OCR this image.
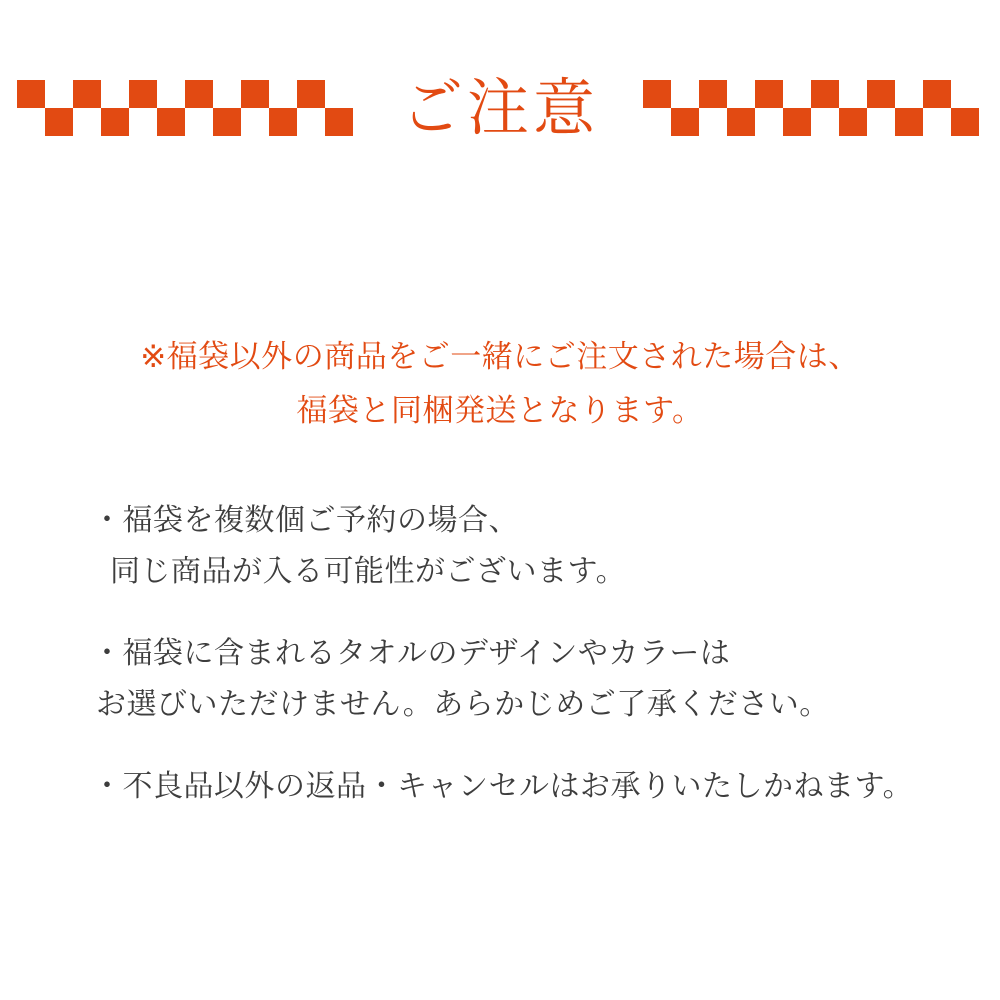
ご注意
※福袋以外の商品をご一緒にご注文された場合は、
福袋と同梱発送となります。
・福袋を複数個ご予約の場合、
同じ商品が入る可能性がございます。
・福袋に含まれるタオルのデザインやカラーは
お選びいただけません。あらかじめご了承ください。
・不良品以外の返品・キャンセルはお承りいたしかねます。
